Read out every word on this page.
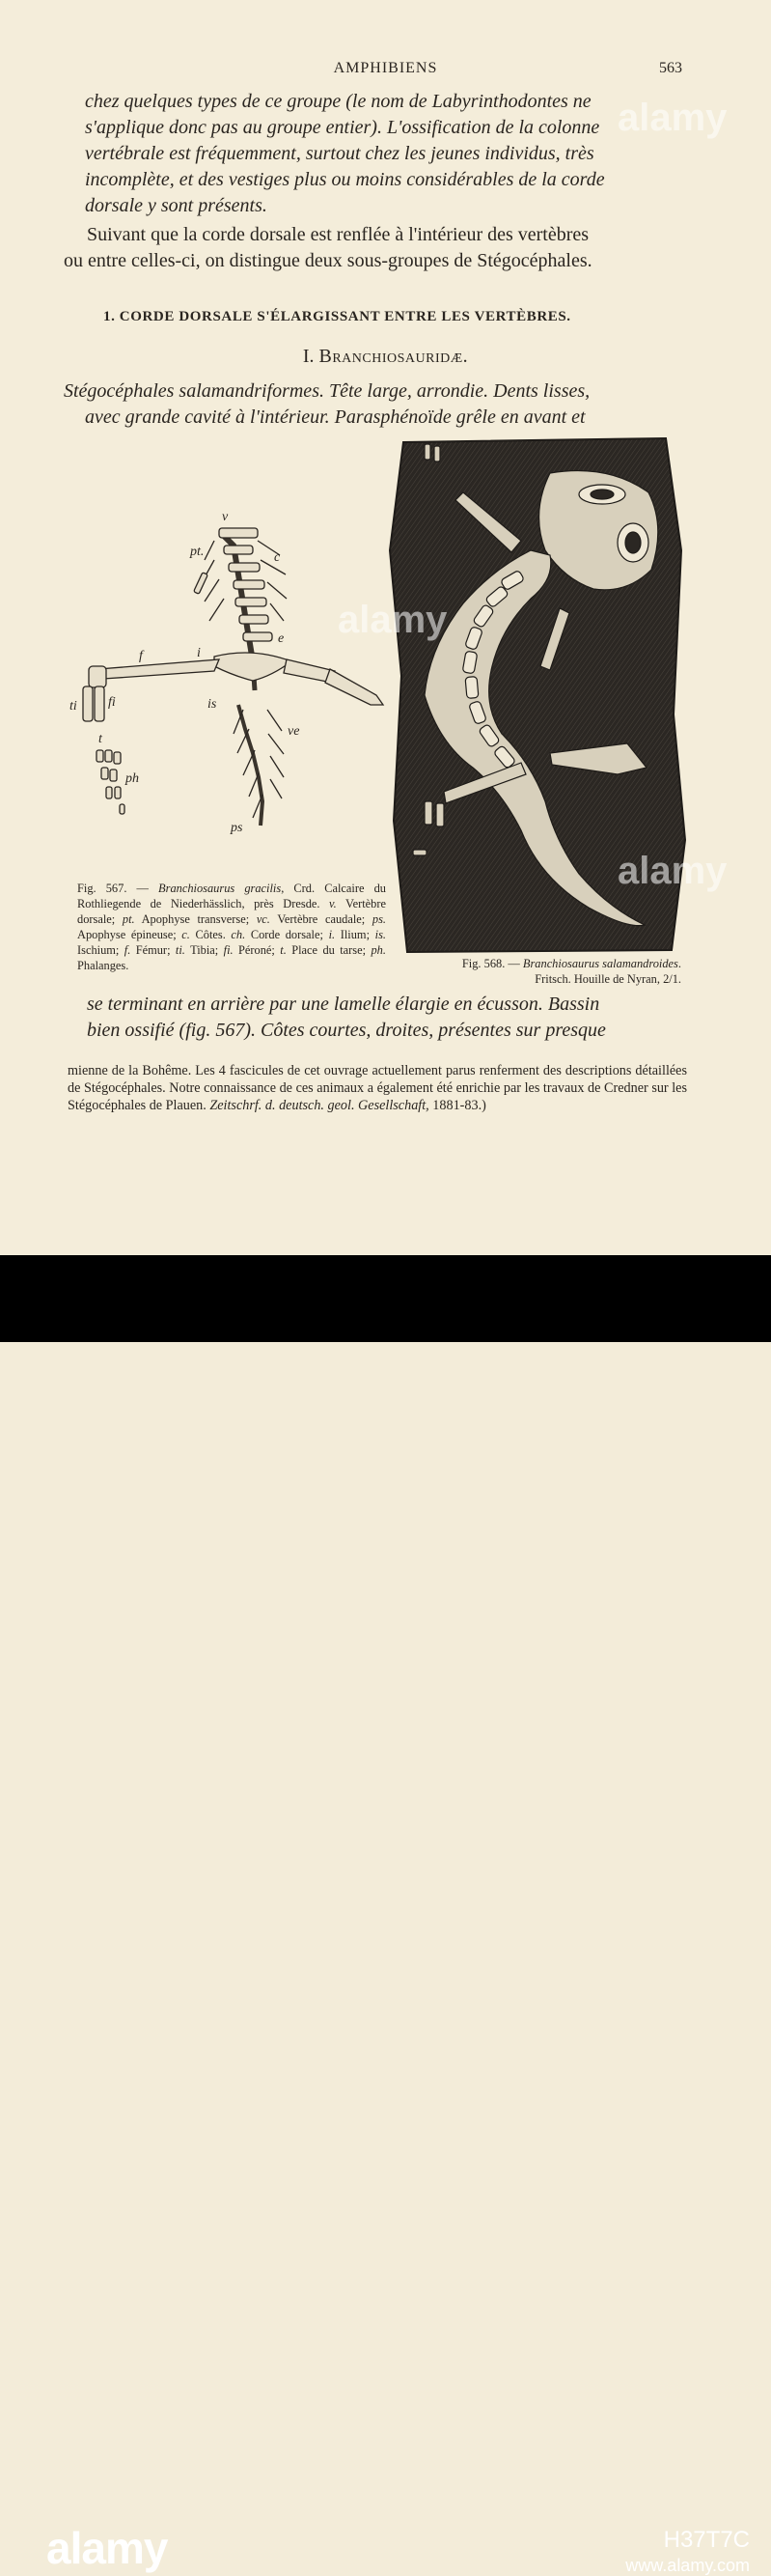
AMPHIBIENS	563
chez quelques types de ce groupe (le nom de Labyrinthodontes ne
s'applique donc pas au groupe entier). L'ossification de la colonne
vertébrale est fréquemment, surtout chez les jeunes individus, très
incomplète, et des vestiges plus ou moins considérables de la corde
dorsale y sont présents.
Suivant que la corde dorsale est renflée à l'intérieur des vertèbres
ou entre celles-ci, on distingue deux sous-groupes de Stégocéphales.
1. CORDE DORSALE S'ÉLARGISSANT ENTRE LES VERTÈBRES.
I. Branchiosauridæ.
Stégocéphales salamandriformes. Tête large, arrondie. Dents lisses,
avec grande cavité à l'intérieur. Parasphénoïde grêle en avant et
v
pt.	c
e
f	i
is
ti fi
t
ve
ph
ps
Fig. 567. — Branchiosaurus gracilis, Crd. Calcaire du Rothliegende de Niederhässlich, près Dresde. v. Vertèbre dorsale; pt. Apophyse transverse; vc. Vertèbre caudale; ps. Apophyse épineuse; c. Côtes. ch. Corde dorsale; i. Ilium; is. Ischium; f. Fémur; ti. Tibia; fi. Péroné; t. Place du tarse; ph. Phalanges.	Fig. 568. — Branchiosaurus salamandroides.
Fritsch. Houille de Nyran, 2/1.
se terminant en arrière par une lamelle élargie en écusson. Bassin
bien ossifié (fig. 567). Côtes courtes, droites, présentes sur presque
mienne de la Bohême. Les 4 fascicules de cet ouvrage actuellement parus renferment des descriptions détaillées de Stégocéphales. Notre connaissance de ces animaux a également été enrichie par les travaux de Credner sur les Stégocéphales de Plauen. Zeitschrf. d. deutsch. geol. Gesellschaft, 1881-83.)
alamy
alamy
alamy
alamy	H37T7C
www.alamy.com
